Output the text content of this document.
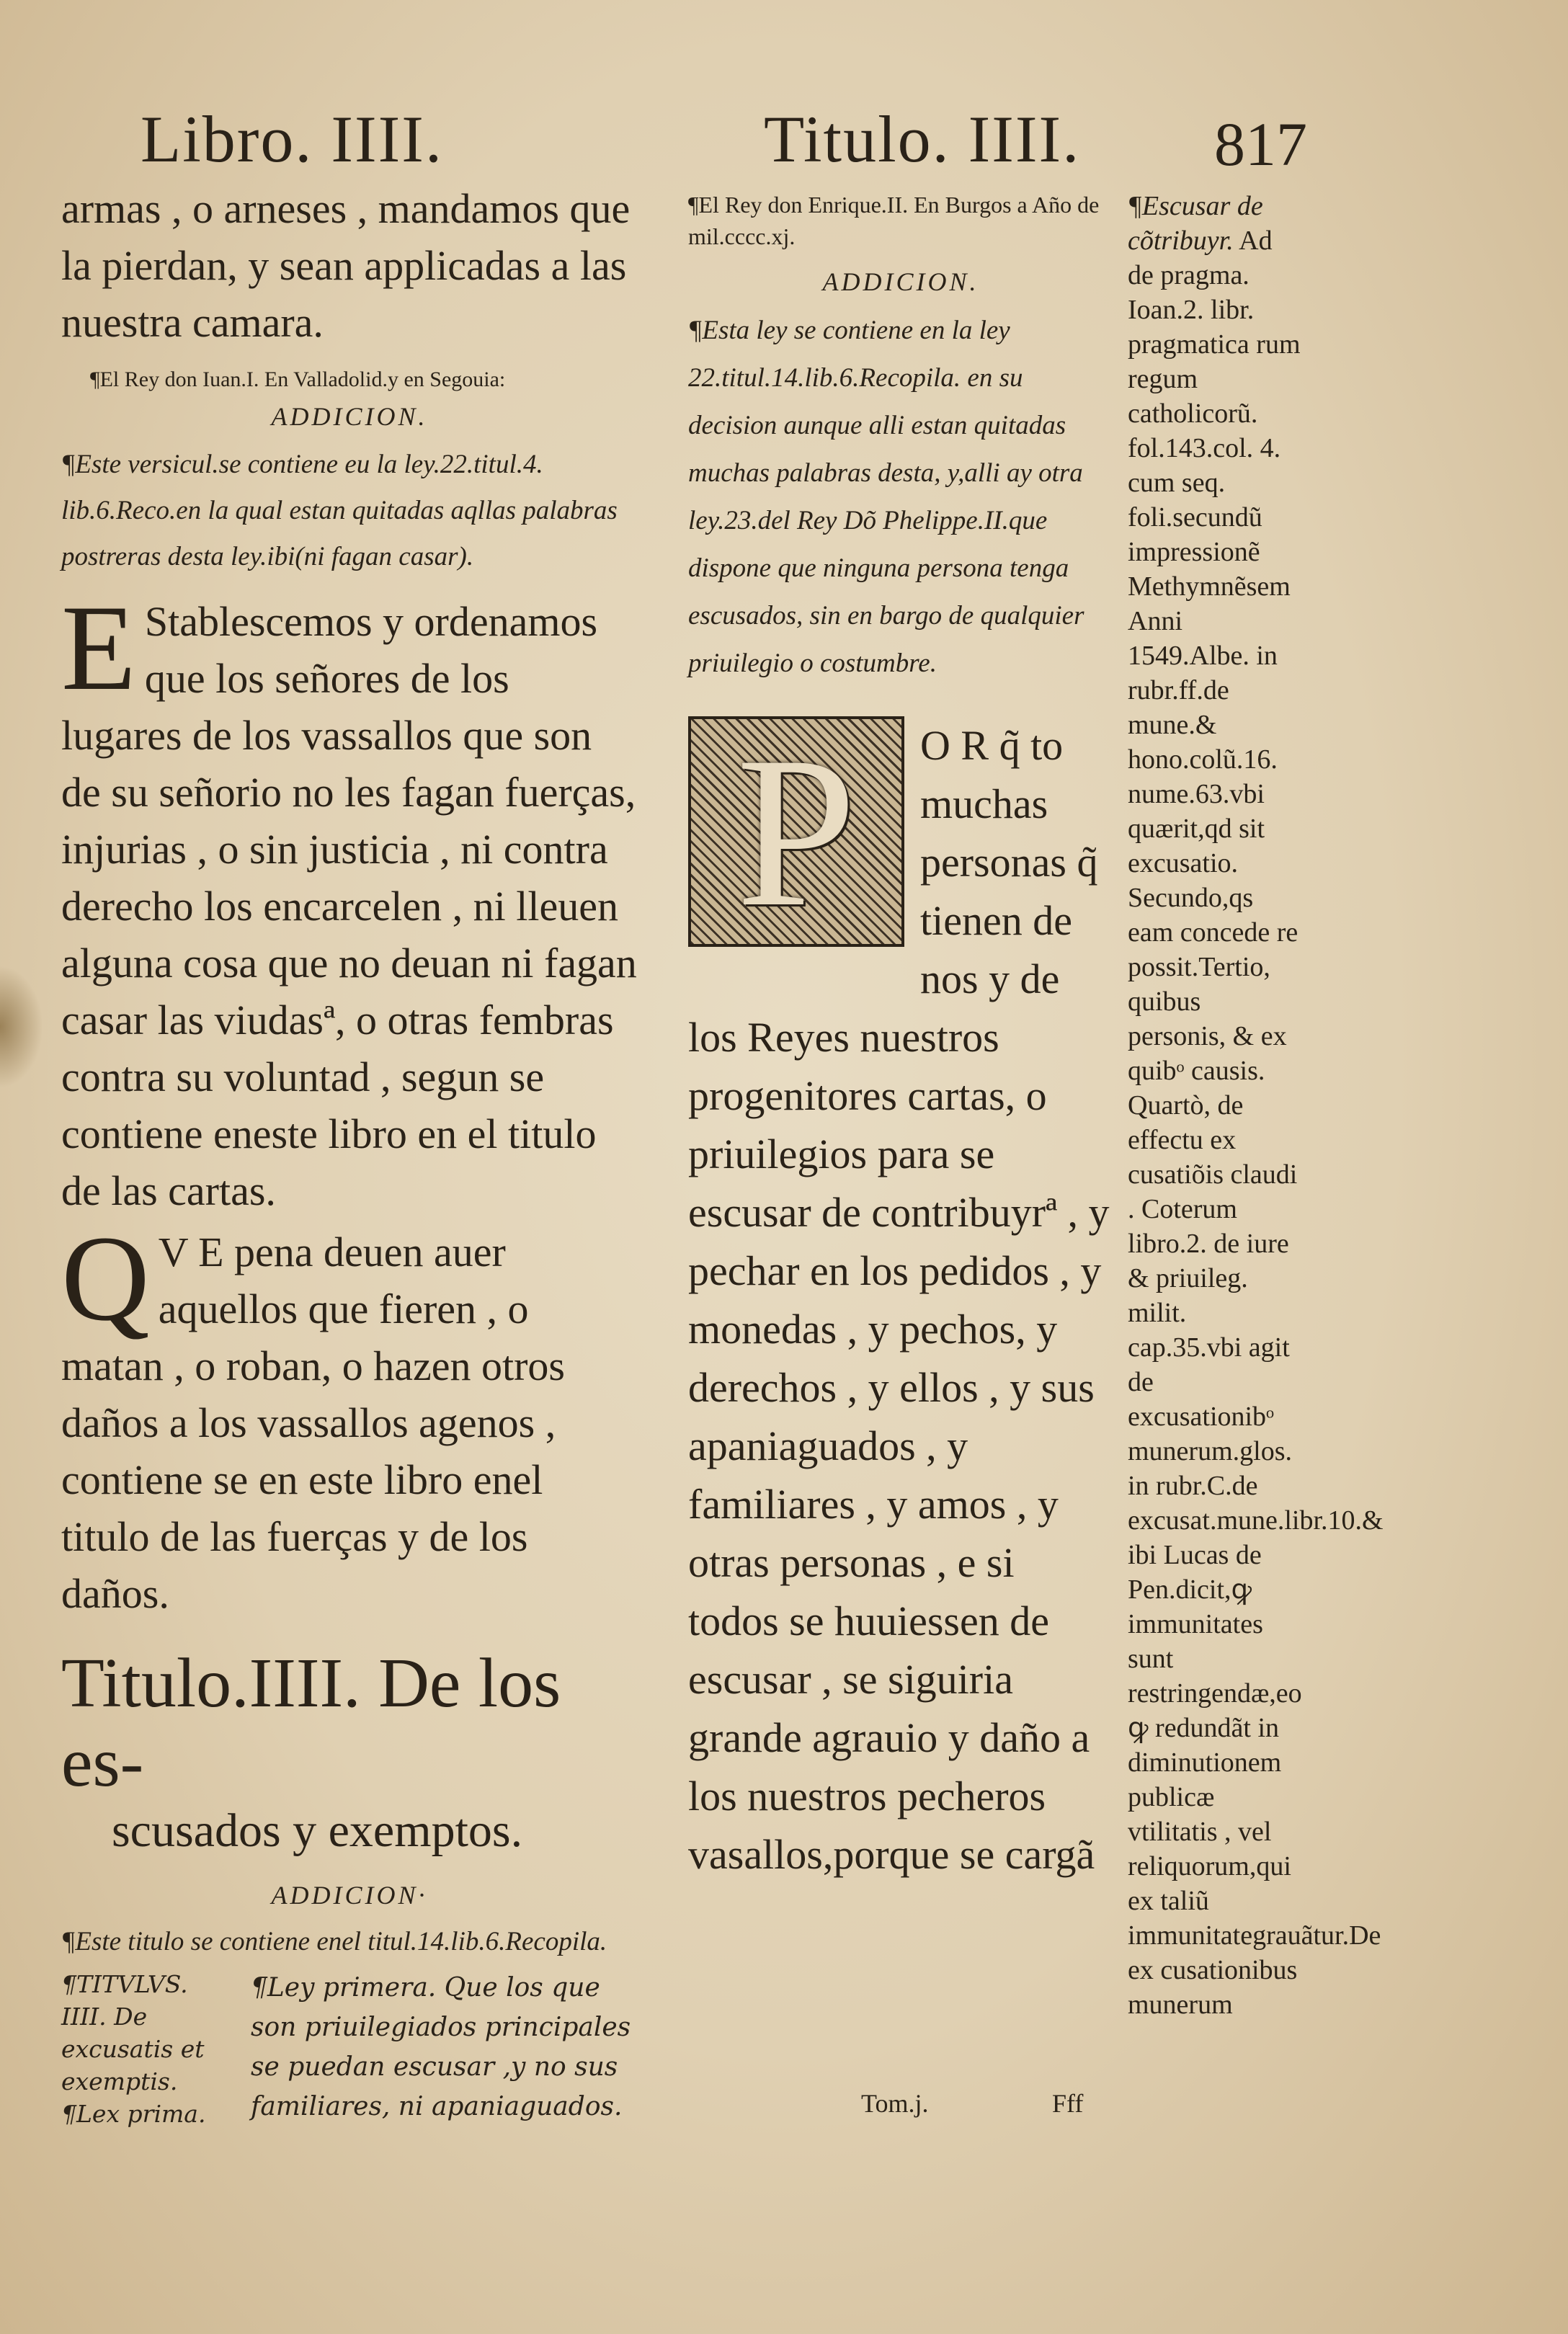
Libro. IIII.	Titulo. IIII. 817

armas , o arneses , mandamos que la pierdan, y sean applicadas a las nuestra camara.

¶El Rey don Iuan.I. En Valladolid.y en Segouia:
ADDICION.
¶Este versicul.se contiene eu la ley.22.titul.4. lib.6.Reco.en la qual estan quitadas aqllas palabras postreras desta ley.ibi(ni fagan casar).
E Stablescemos y ordenamos que los señores de los lugares de los vassallos que son de su señorio no les fagan fuerças, injurias , o sin justicia , ni contra derecho los encarcelen , ni lleuen alguna cosa que no deuan ni fagan casar las viudasª, o otras fembras contra su voluntad , segun se contiene eneste libro en el titulo de las cartas.
Q V E pena deuen auer aquellos que fieren , o matan , o roban, o hazen otros daños a los vassallos agenos , contiene se en este libro enel titulo de las fuerças y de los daños.

Titulo.IIII. De los es-

scusados y exemptos.

ADDICION·
¶Este titulo se contiene enel titul.14.lib.6.Recopila.
¶TITVLVS. IIII. De excusatis et exemptis. ¶Lex prima.
¶Ley primera. Que los que son priuilegiados principales se puedan escusar ,y no sus familiares, ni apaniaguados.
¶El Rey don Enrique.II. En Burgos a Año de mil.cccc.xj.
ADDICION.
¶Esta ley se contiene en la ley 22.titul.14.lib.6.Recopila. en su decision aunque alli estan quitadas muchas palabras desta, y,alli ay otra ley.23.del Rey Dõ Phelippe.II.que dispone que ninguna persona tenga escusados, sin en bargo de qualquier priuilegio o costumbre.
P O R q̃ to muchas personas q̃ tienen de nos y de los Reyes nuestros progenitores cartas, o priuilegios para se escusar de contribuyrª , y pechar en los pedidos , y monedas , y pechos, y derechos , y ellos , y sus apaniaguados , y familiares , y amos , y otras personas , e si todos se huuiessen de escusar , se siguiria grande agrauio y daño a los nuestros pecheros vasallos,porque se cargã
¶Escusar de cõtribuyr. Ad de pragma. Ioan.2. libr. pragmatica rum regum catholicorũ. fol.143.col. 4. cum seq. foli.secundũ impressionẽ Methymnẽsem Anni 1549.Albe. in rubr.ff.de mune.& hono.colũ.16. nume.63.vbi quærit,qd sit excusatio. Secundo,qs eam concede re possit.Tertio, quibus personis, & ex quibᵒ causis. Quartò, de effectu ex cusatiõis claudi . Coterum libro.2. de iure & priuileg. milit. cap.35.vbi agit de excusationibᵒ munerum.glos. in rubr.C.de excusat.mune.libr.10.& ibi Lucas de Pen.dicit,ꝙ immunitates sunt restringendæ,eo ꝙ redundãt in diminutionem publicæ vtilitatis , vel reliquorum,qui ex taliũ immunitategrauãtur.De ex cusationibus munerum
Tom.j.	Fff
